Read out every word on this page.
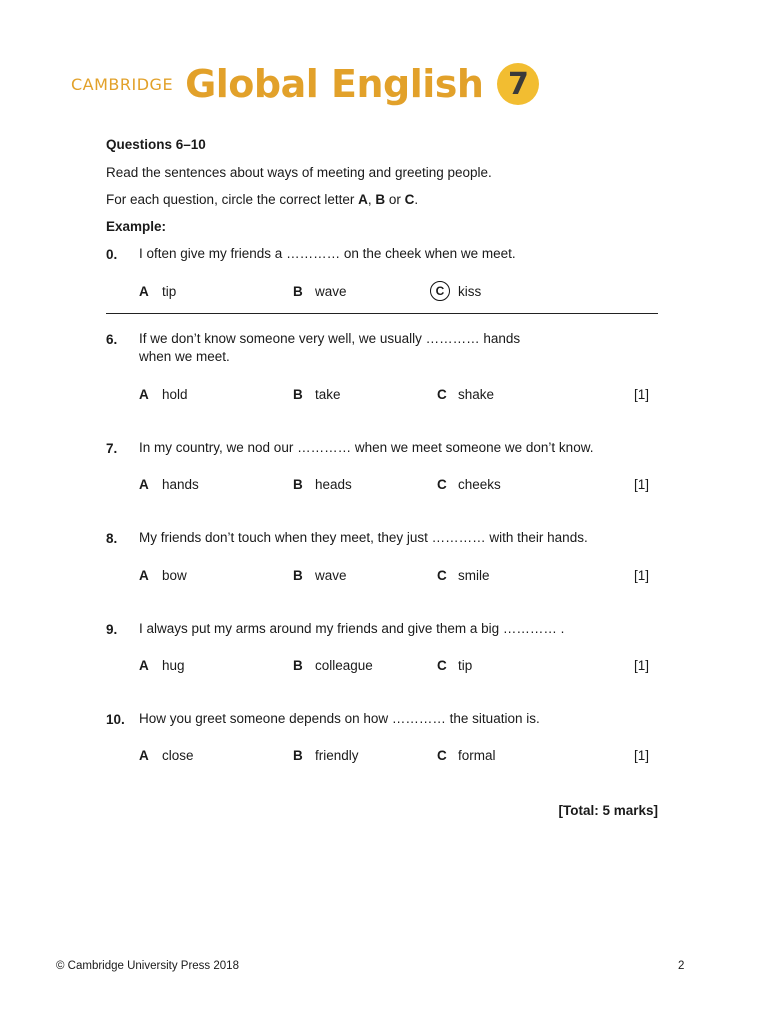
CAMBRIDGE Global English 7
Questions 6–10
Read the sentences about ways of meeting and greeting people.
For each question, circle the correct letter A, B or C.
Example:
0. I often give my friends a ………… on the cheek when we meet.
A tip	B wave	C	kiss
6. If we don’t know someone very well, we usually ………… hands
when we meet.
A hold	B take	C shake	[1]
7. In my country, we nod our ………… when we meet someone we don’t know.
A hands	B heads	C cheeks	[1]
8. My friends don’t touch when they meet, they just ………… with their hands.
A bow	B wave	C smile	[1]
9. I always put my arms around my friends and give them a big ………… .
A hug	B colleague	C tip	[1]
10. How you greet someone depends on how ………… the situation is.
A close	B friendly	C formal	[1]
[Total: 5 marks]
© Cambridge University Press 2018	2
